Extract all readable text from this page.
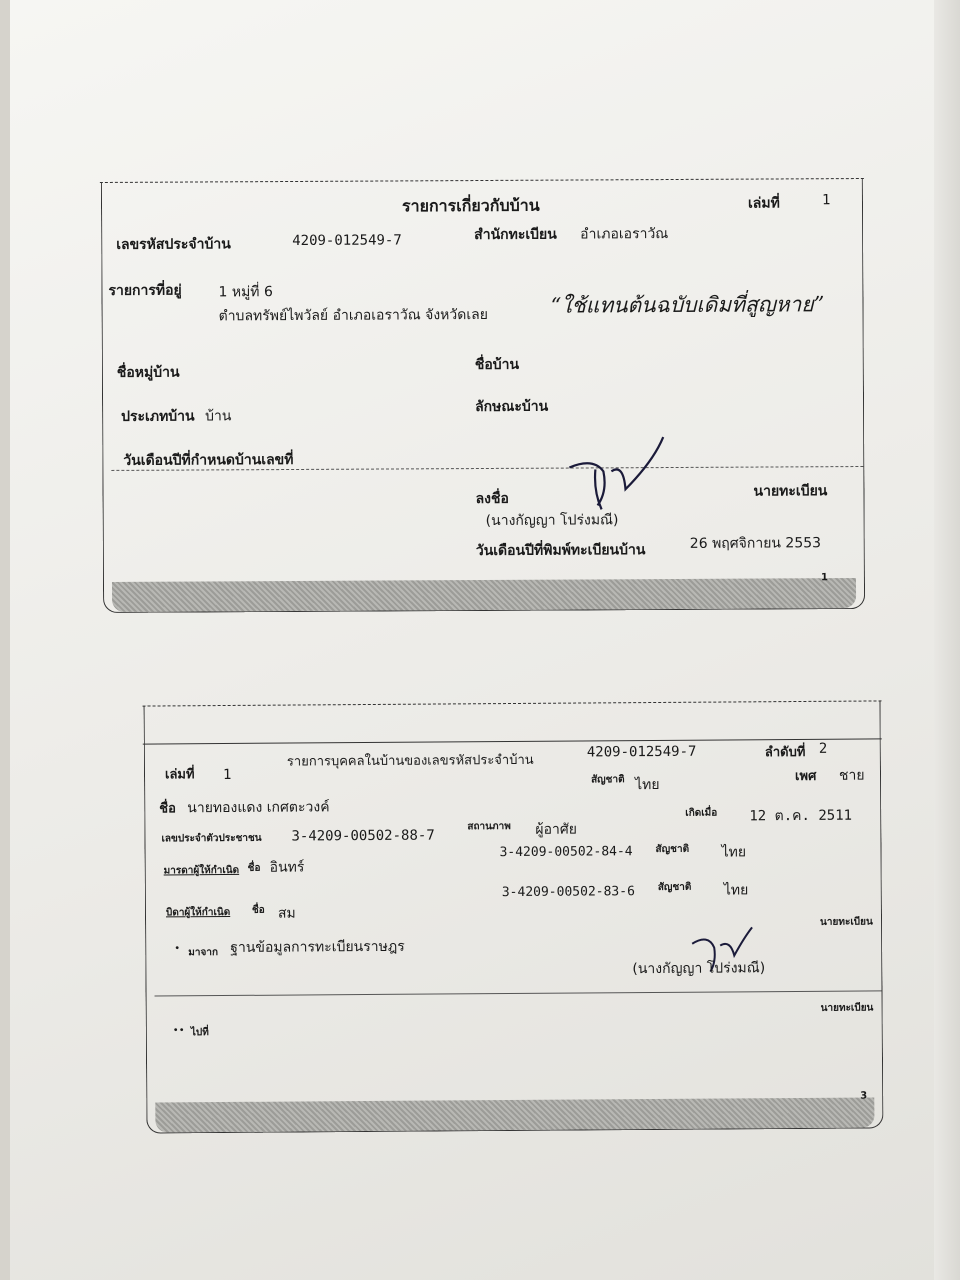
รายการเกี่ยวกับบ้าน	เล่มที่	1
เลขรหัสประจำบ้าน	4209-012549-7	สำนักทะเบียน อำเภอเอราวัณ
รายการที่อยู่	1 หมู่ที่ 6
ตำบลทรัพย์ไพวัลย์ อำเภอเอราวัณ จังหวัดเลย	“ใช้แทนต้นฉบับเดิมที่สูญหาย”
ชื่อหมู่บ้าน	ชื่อบ้าน
ประเภทบ้าน บ้าน
ลักษณะบ้าน
วันเดือนปีที่กำหนดบ้านเลขที่
ลงชื่อ	นายทะเบียน
(นางกัญญา โปร่งมณี)
วันเดือนปีที่พิมพ์ทะเบียนบ้าน	26 พฤศจิกายน 2553
1
เล่มที่ 1
รายการบุคคลในบ้านของเลขรหัสประจำบ้าน
4209-012549-7	ลำดับที่ 2
สัญชาติ ไทย
เพศ ชาย
ชื่อ นายทองแดง เกศตะวงค์
เลขประจำตัวประชาชน 3-4209-00502-88-7
สถานภาพ ผู้อาศัย
เกิดเมื่อ 12 ต.ค. 2511
มารดาผู้ให้กำเนิด ชื่อ อินทร์
3-4209-00502-84-4 สัญชาติ ไทย
บิดาผู้ให้กำเนิด ชื่อ สม
3-4209-00502-83-6 สัญชาติ ไทย
• มาจาก ฐานข้อมูลการทะเบียนราษฎร
นายทะเบียน
(นางกัญญา โปร่งมณี)
นายทะเบียน
•• ไปที่
3
